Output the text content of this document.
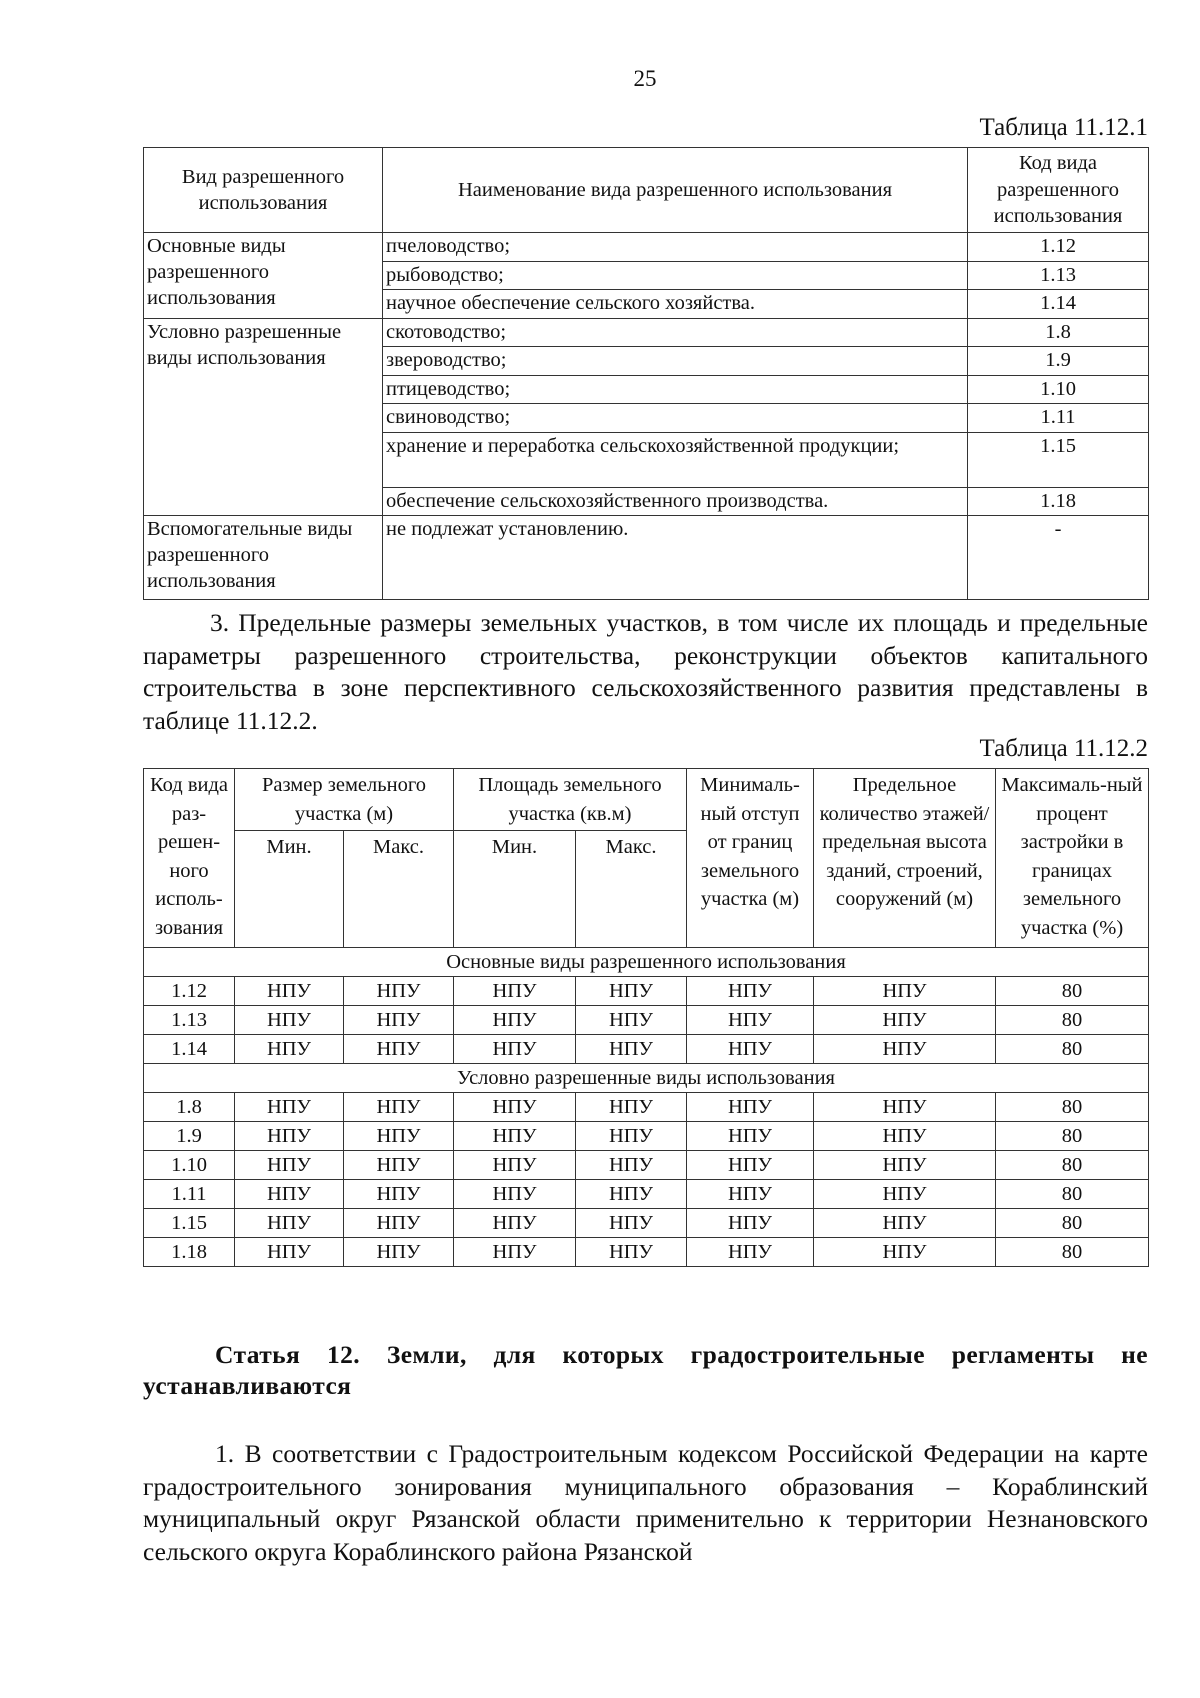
25
Таблица 11.12.1
Вид разрешенного использования	Наименование вида разрешенного использования	Код вида разрешенного использования
Основные виды разрешенного использования	пчеловодство;	1.12
	рыбоводство;	1.13
	научное обеспечение сельского хозяйства.	1.14
Условно разрешенные виды использования	скотоводство;	1.8
	звероводство;	1.9
	птицеводство;	1.10
	свиноводство;	1.11
	хранение и переработка сельскохозяйственной продукции;	1.15
	обеспечение сельскохозяйственного производства.	1.18
Вспомогательные виды разрешенного использования	не подлежат установлению.	-

3. Предельные размеры земельных участков, в том числе их площадь и предельные параметры разрешенного строительства, реконструкции объектов капитального строительства в зоне перспективного сельскохозяйственного развития представлены в таблице 11.12.2.

Таблица 11.12.2
Код вида раз-решен-ного исполь-зования	Размер земельного участка (м)		Площадь земельного участка (кв.м)		Минималь-ный отступ от границ земельного участка (м)	Предельное количество этажей/ предельная высота зданий, строений, сооружений (м)	Максималь-ный процент застройки в границах земельного участка (%)
	Мин.	Макс.	Мин.	Макс.			
Основные виды разрешенного использования							
1.12	НПУ	НПУ	НПУ	НПУ	НПУ	НПУ	80
1.13	НПУ	НПУ	НПУ	НПУ	НПУ	НПУ	80
1.14	НПУ	НПУ	НПУ	НПУ	НПУ	НПУ	80
Условно разрешенные виды использования							
1.8	НПУ	НПУ	НПУ	НПУ	НПУ	НПУ	80
1.9	НПУ	НПУ	НПУ	НПУ	НПУ	НПУ	80
1.10	НПУ	НПУ	НПУ	НПУ	НПУ	НПУ	80
1.11	НПУ	НПУ	НПУ	НПУ	НПУ	НПУ	80
1.15	НПУ	НПУ	НПУ	НПУ	НПУ	НПУ	80
1.18	НПУ	НПУ	НПУ	НПУ	НПУ	НПУ	80

Статья 12. Земли, для которых градостроительные регламенты не устанавливаются

1. В соответствии с Градостроительным кодексом Российской Федерации на карте градостроительного зонирования муниципального образования – Кораблинский муниципальный округ Рязанской области применительно к территории Незнановского сельского округа Кораблинского района Рязанской
